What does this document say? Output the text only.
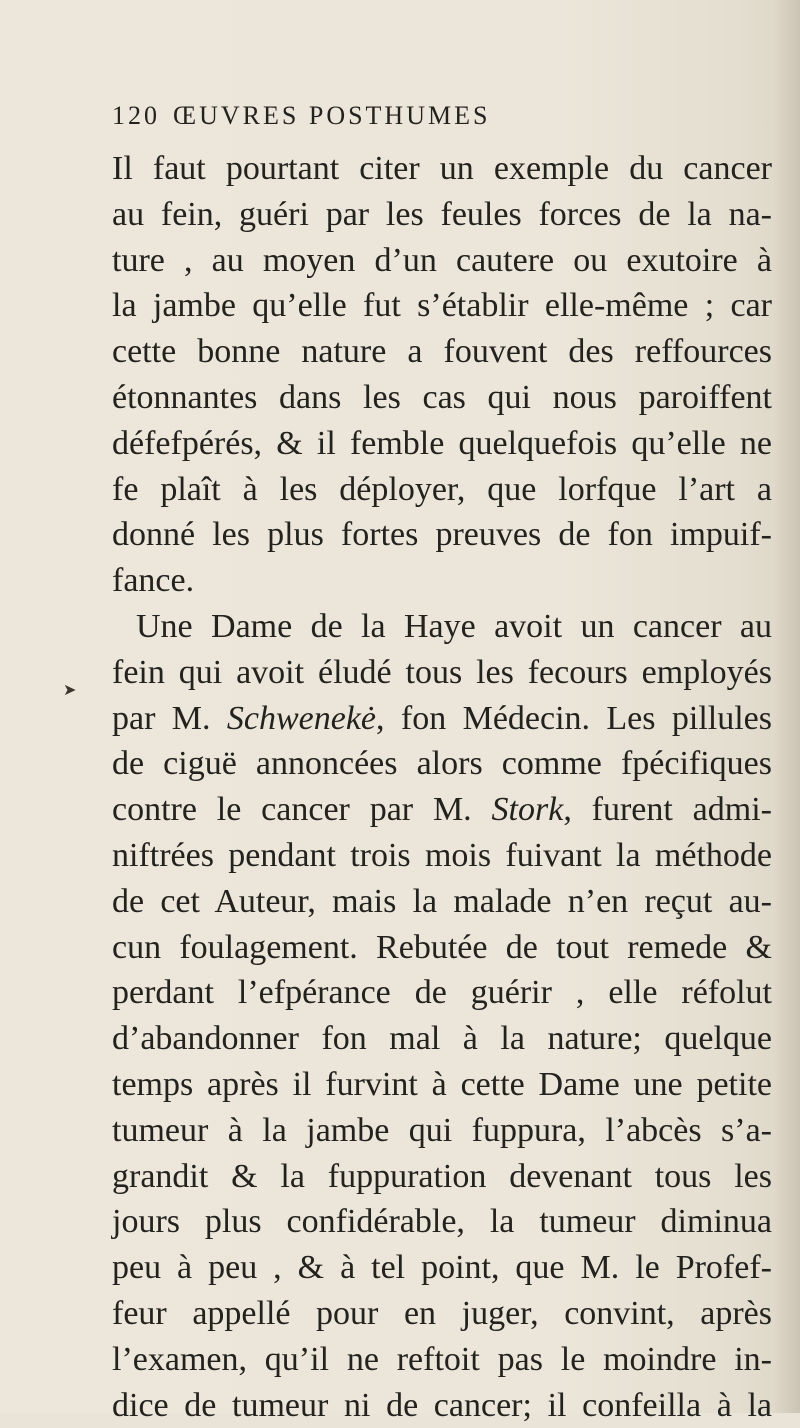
120 ŒUVRES POSTHUMES
➤
Il faut pourtant citer un exemple du cancer
au fein, guéri par les feules forces de la na-
ture , au moyen d’un cautere ou exutoire à
la jambe qu’elle fut s’établir elle-même ; car
cette bonne nature a fouvent des reffources
étonnantes dans les cas qui nous paroiffent
défefpérés, & il femble quelquefois qu’elle ne
fe plaît à les déployer, que lorfque l’art a
donné les plus fortes preuves de fon impuif-
fance.
Une Dame de la Haye avoit un cancer au
fein qui avoit éludé tous les fecours employés
par M. Schwenekė, fon Médecin. Les pillules
de ciguë annoncées alors comme fpécifiques
contre le cancer par M. Stork, furent admi-
niftrées pendant trois mois fuivant la méthode
de cet Auteur, mais la malade n’en reçut au-
cun foulagement. Rebutée de tout remede &
perdant l’efpérance de guérir , elle réfolut
d’abandonner fon mal à la nature; quelque
temps après il furvint à cette Dame une petite
tumeur à la jambe qui fuppura, l’abcès s’a-
grandit & la fuppuration devenant tous les
jours plus confidérable, la tumeur diminua
peu à peu , & à tel point, que M. le Profef-
feur appellé pour en juger, convint, après
l’examen, qu’il ne reftoit pas le moindre in-
dice de tumeur ni de cancer; il confeilla à la
